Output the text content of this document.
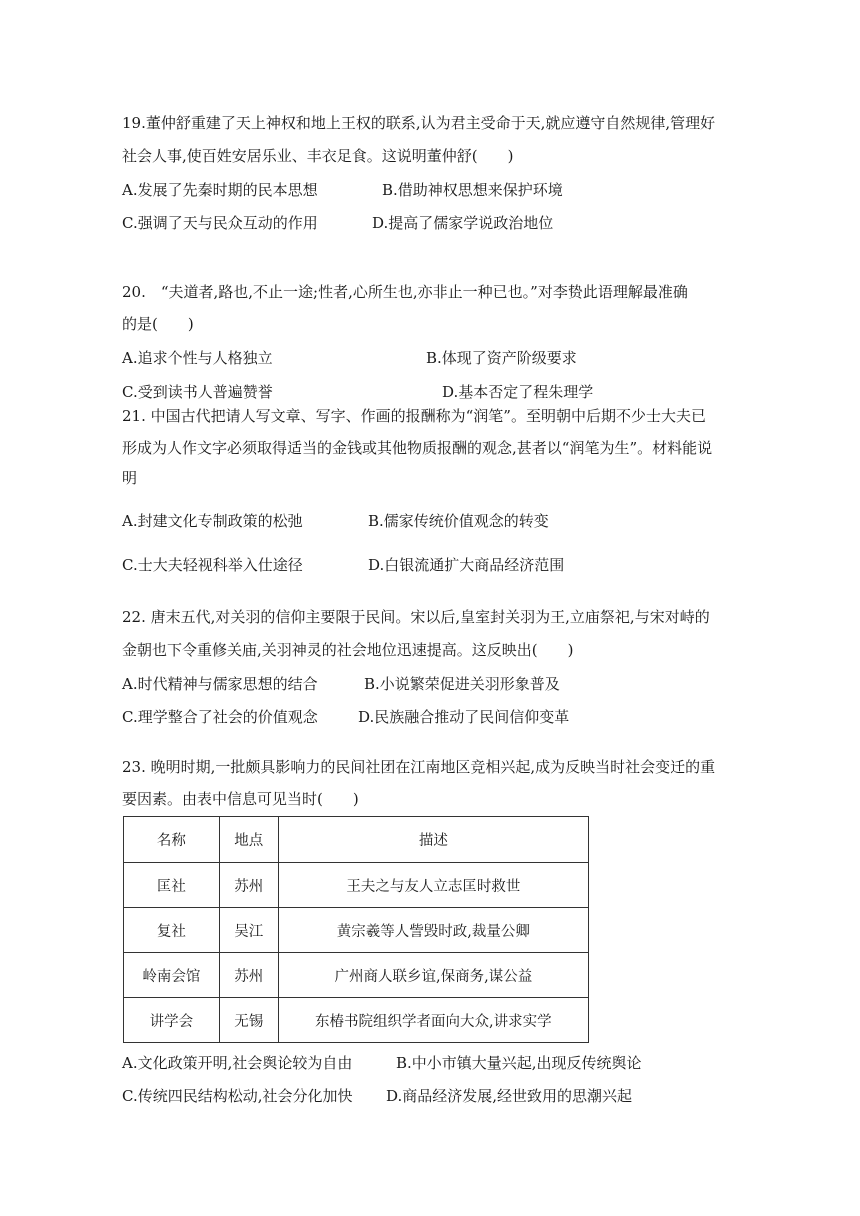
19.董仲舒重建了天上神权和地上王权的联系,认为君主受命于天,就应遵守自然规律,管理好
社会人事,使百姓安居乐业、丰衣足食。这说明董仲舒(　　)
A.发展了先秦时期的民本思想	B.借助神权思想来保护环境
C.强调了天与民众互动的作用	D.提高了儒家学说政治地位
20.　“夫道者,路也,不止一途;性者,心所生也,亦非止一种已也。”对李贽此语理解最准确
的是(　　)
A.追求个性与人格独立	B.体现了资产阶级要求
C.受到读书人普遍赞誉	D.基本否定了程朱理学
21. 中国古代把请人写文章、写字、作画的报酬称为“润笔”。至明朝中后期不少士大夫已
形成为人作文字必须取得适当的金钱或其他物质报酬的观念,甚者以“润笔为生”。材料能说
明
A.封建文化专制政策的松弛	B.儒家传统价值观念的转变
C.士大夫轻视科举入仕途径	D.白银流通扩大商品经济范围
22. 唐末五代,对关羽的信仰主要限于民间。宋以后,皇室封关羽为王,立庙祭祀,与宋对峙的
金朝也下令重修关庙,关羽神灵的社会地位迅速提高。这反映出(　　)
A.时代精神与儒家思想的结合	B.小说繁荣促进关羽形象普及
C.理学整合了社会的价值观念	D.民族融合推动了民间信仰变革
23. 晚明时期,一批颇具影响力的民间社团在江南地区竞相兴起,成为反映当时社会变迁的重
要因素。由表中信息可见当时(　　)
名称	地点	描述
匡社	苏州	王夫之与友人立志匡时救世
复社	吴江	黄宗羲等人訾毁时政,裁量公卿
岭南会馆	苏州	广州商人联乡谊,保商务,谋公益
讲学会	无锡	东椿书院组织学者面向大众,讲求实学
A.文化政策开明,社会舆论较为自由	B.中小市镇大量兴起,出现反传统舆论
C.传统四民结构松动,社会分化加快 D.商品经济发展,经世致用的思潮兴起
